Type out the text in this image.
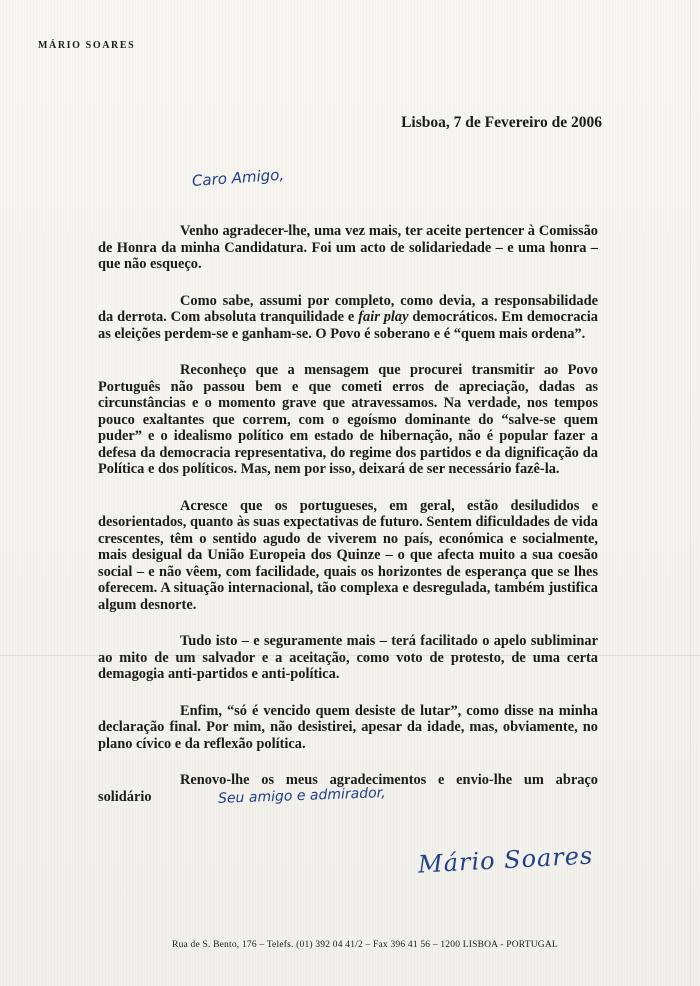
MÁRIO SOARES
Lisboa, 7 de Fevereiro de 2006
Caro Amigo,

Venho agradecer-lhe, uma vez mais, ter aceite pertencer à Comissão de Honra da minha Candidatura. Foi um acto de solidariedade – e uma honra – que não esqueço.

Como sabe, assumi por completo, como devia, a responsabilidade da derrota. Com absoluta tranquilidade e fair play democráticos. Em democracia as eleições perdem-se e ganham-se. O Povo é soberano e é “quem mais ordena”.

Reconheço que a mensagem que procurei transmitir ao Povo Português não passou bem e que cometi erros de apreciação, dadas as circunstâncias e o momento grave que atravessamos. Na verdade, nos tempos pouco exaltantes que correm, com o egoísmo dominante do “salve-se quem puder” e o idealismo político em estado de hibernação, não é popular fazer a defesa da democracia representativa, do regime dos partidos e da dignificação da Política e dos políticos. Mas, nem por isso, deixará de ser necessário fazê-la.

Acresce que os portugueses, em geral, estão desiludidos e desorientados, quanto às suas expectativas de futuro. Sentem dificuldades de vida crescentes, têm o sentido agudo de viverem no país, económica e socialmente, mais desigual da União Europeia dos Quinze – o que afecta muito a sua coesão social – e não vêem, com facilidade, quais os horizontes de esperança que se lhes oferecem. A situação internacional, tão complexa e desregulada, também justifica algum desnorte.

Tudo isto – e seguramente mais – terá facilitado o apelo subliminar ao mito de um salvador e a aceitação, como voto de protesto, de uma certa demagogia anti-partidos e anti-política.

Enfim, “só é vencido quem desiste de lutar”, como disse na minha declaração final. Por mim, não desistirei, apesar da idade, mas, obviamente, no plano cívico e da reflexão política.

Renovo-lhe os meus agradecimentos e envio-lhe um abraço solidário	Seu amigo e admirador,
Mário Soares
Rua de S. Bento, 176 – Telefs. (01) 392 04 41/2 – Fax 396 41 56 – 1200 LISBOA - PORTUGAL
